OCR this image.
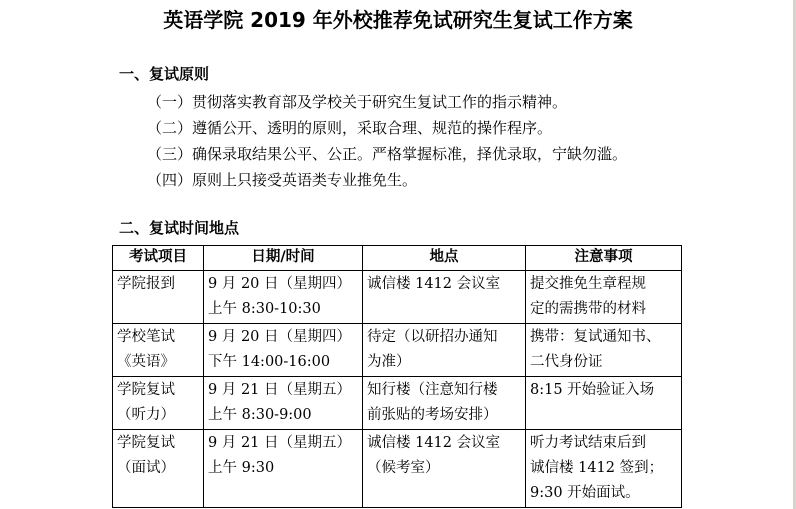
英语学院 2019 年外校推荐免试研究生复试工作方案
一、复试原则
（一）贯彻落实教育部及学校关于研究生复试工作的指示精神。
（二）遵循公开、透明的原则，采取合理、规范的操作程序。
（三）确保录取结果公平、公正。严格掌握标准，择优录取，宁缺勿滥。
（四）原则上只接受英语类专业推免生。
二、复试时间地点
考试项目	日期/时间	地点	注意事项

学院报到	9 月 20 日（星期四）
上午 8:30-10:30	诚信楼 1412 会议室	提交推免生章程规
定的需携带的材料

学校笔试
《英语》	9 月 20 日（星期四）
下午 14:00-16:00	待定（以研招办通知
为准）	携带：复试通知书、
二代身份证

学院复试
（听力）	9 月 21 日（星期五）
上午 8:30-9:00	知行楼（注意知行楼
前张贴的考场安排）	8:15 开始验证入场

学院复试
（面试）	9 月 21 日（星期五）
上午 9:30	诚信楼 1412 会议室
（候考室）	听力考试结束后到
诚信楼 1412 签到；
9:30 开始面试。
